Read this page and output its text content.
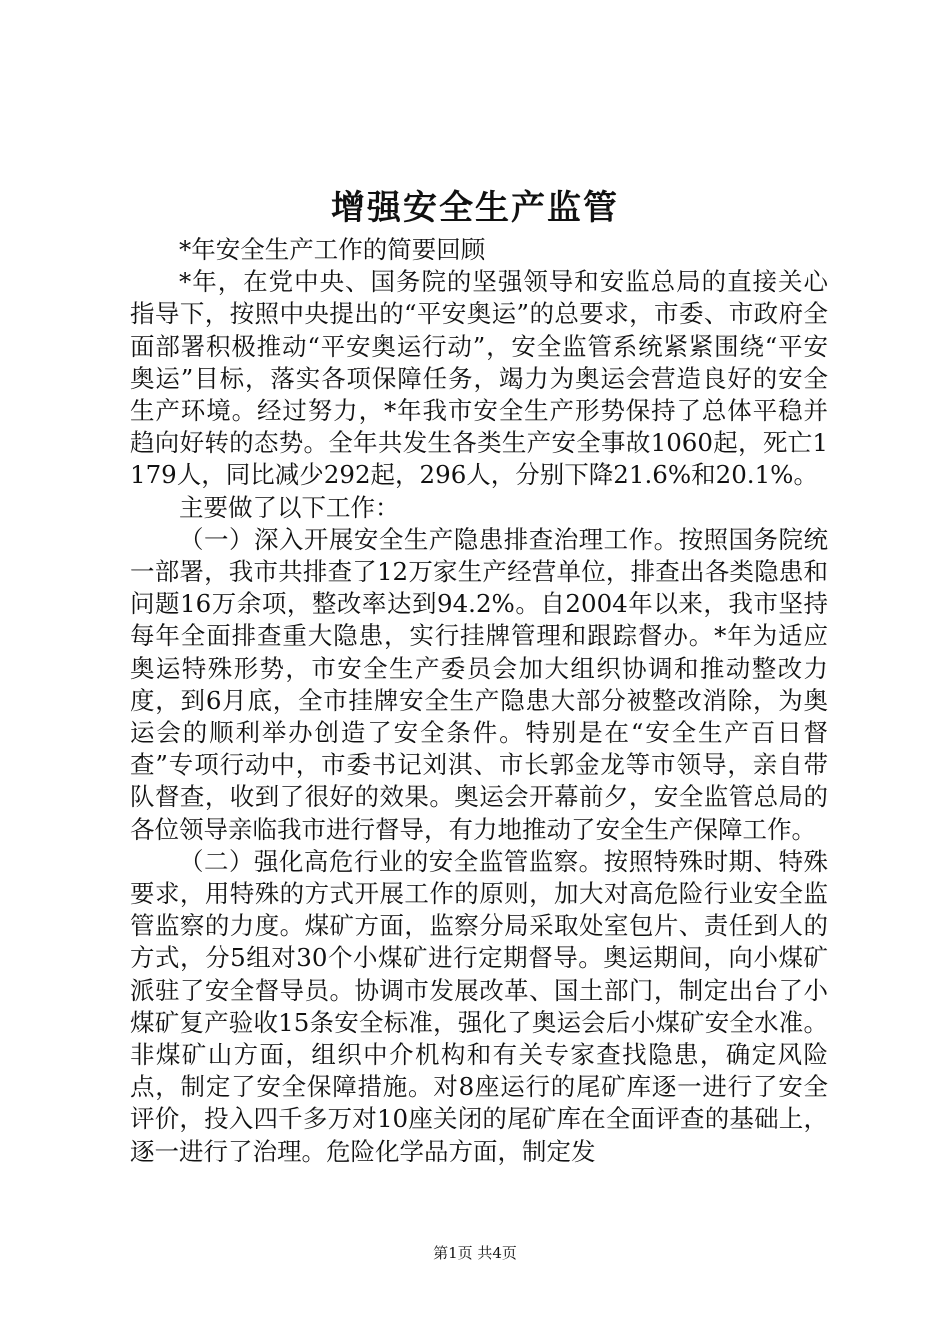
增强安全生产监管

*年安全生产工作的简要回顾

*年，在党中央、国务院的坚强领导和安监总局的直接关心指导下，按照中央提出的“平安奥运”的总要求，市委、市政府全面部署积极推动“平安奥运行动”，安全监管系统紧紧围绕“平安奥运”目标，落实各项保障任务，竭力为奥运会营造良好的安全生产环境。经过努力，*年我市安全生产形势保持了总体平稳并趋向好转的态势。全年共发生各类生产安全事故1060起，死亡1179人，同比减少292起，296人，分别下降21.6%和20.1%。

主要做了以下工作：

（一）深入开展安全生产隐患排查治理工作。按照国务院统一部署，我市共排查了12万家生产经营单位，排查出各类隐患和问题16万余项，整改率达到94.2%。自2004年以来，我市坚持每年全面排查重大隐患，实行挂牌管理和跟踪督办。*年为适应奥运特殊形势，市安全生产委员会加大组织协调和推动整改力度，到6月底，全市挂牌安全生产隐患大部分被整改消除，为奥运会的顺利举办创造了安全条件。特别是在“安全生产百日督查”专项行动中，市委书记刘淇、市长郭金龙等市领导，亲自带队督查，收到了很好的效果。奥运会开幕前夕，安全监管总局的各位领导亲临我市进行督导，有力地推动了安全生产保障工作。

（二）强化高危行业的安全监管监察。按照特殊时期、特殊要求，用特殊的方式开展工作的原则，加大对高危险行业安全监管监察的力度。煤矿方面，监察分局采取处室包片、责任到人的方式，分5组对30个小煤矿进行定期督导。奥运期间，向小煤矿派驻了安全督导员。协调市发展改革、国土部门，制定出台了小煤矿复产验收15条安全标准，强化了奥运会后小煤矿安全水准。非煤矿山方面，组织中介机构和有关专家查找隐患，确定风险点，制定了安全保障措施。对8座运行的尾矿库逐一进行了安全评价，投入四千多万对10座关闭的尾矿库在全面评查的基础上，逐一进行了治理。危险化学品方面，制定发

第1页 共4页
